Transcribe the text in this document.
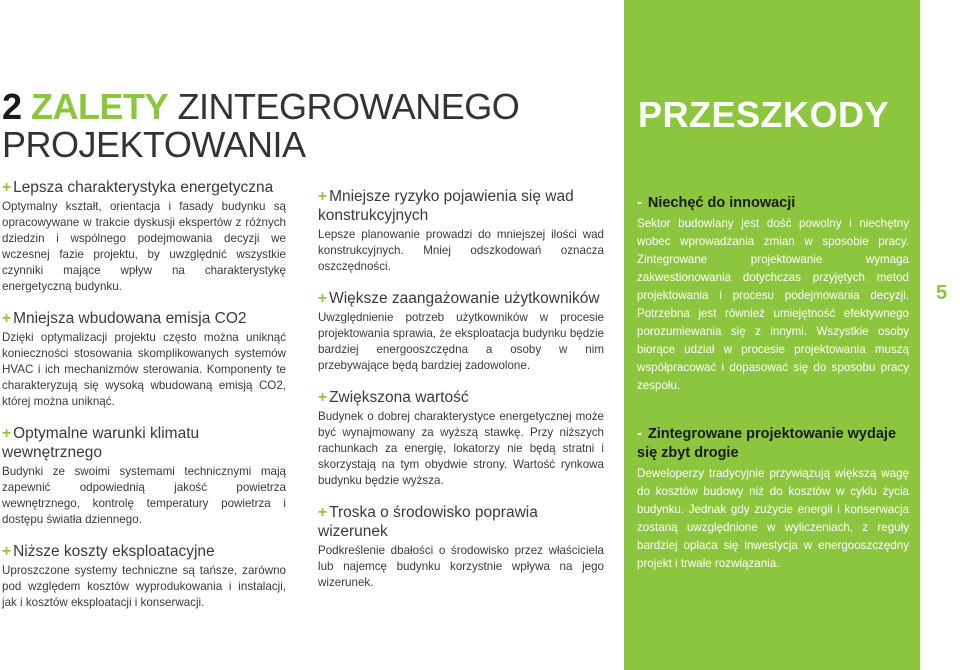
2 ZALETY ZINTEGROWANEGO
PROJEKTOWANIA
+ Lepsza charakterystyka energetyczna
Optymalny kształt, orientacja i fasady budynku są opracowywane w trakcie dyskusji ekspertów z różnych dziedzin i wspólnego podejmowania decyzji we wczesnej fazie projektu, by uwzględnić wszystkie czynniki mające wpływ na charakterystykę energetyczną budynku.
+ Mniejsza wbudowana emisja CO2
Dzięki optymalizacji projektu często można uniknąć konieczności stosowania skomplikowanych systemów HVAC i ich mechanizmów sterowania. Komponenty te charakteryzują się wysoką wbudowaną emisją CO2, której można uniknąć.
+ Optymalne warunki klimatu wewnętrznego
Budynki ze swoimi systemami technicznymi mają zapewnić odpowiednią jakość powietrza wewnętrznego, kontrolę temperatury powietrza i dostępu światła dziennego.
+ Niższe koszty eksploatacyjne
Uproszczone systemy techniczne są tańsze, zarówno pod względem kosztów wyprodukowania i instalacji, jak i kosztów eksploatacji i konserwacji.
+ Mniejsze ryzyko pojawienia się wad konstrukcyjnych
Lepsze planowanie prowadzi do mniejszej ilości wad konstrukcyjnych. Mniej odszkodowań oznacza oszczędności.
+ Większe zaangażowanie użytkowników
Uwzględnienie potrzeb użytkowników w procesie projektowania sprawia, że eksploatacja budynku będzie bardziej energooszczędna a osoby w nim przebywające będą bardziej zadowolone.
+ Zwiększona wartość
Budynek o dobrej charakterystyce energetycznej może być wynajmowany za wyższą stawkę. Przy niższych rachunkach za energię, lokatorzy nie będą stratni i skorzystają na tym obydwie strony. Wartość rynkowa budynku będzie wyższa.
+ Troska o środowisko poprawia wizerunek
Podkreślenie dbałości o środowisko przez właściciela lub najemcę budynku korzystnie wpływa na jego wizerunek.
PRZESZKODY
- Niechęć do innowacji
Sektor budowlany jest dość powolny i niechętny wobec wprowadzania zmian w sposobie pracy. Zintegrowane projektowanie wymaga zakwestionowania dotychczas przyjętych metod projektowania i procesu podejmowania decyzji. Potrzebna jest również umiejętność efektywnego porozumiewania się z innymi. Wszystkie osoby biorące udział w procesie projektowania muszą współpracować i dopasować się do sposobu pracy zespołu.
- Zintegrowane projektowanie wydaje się zbyt drogie
Deweloperzy tradycyjnie przywiązują większą wagę do kosztów budowy niż do kosztów w cyklu życia budynku. Jednak gdy zużycie energii i konserwacja zostaną uwzględnione w wyliczeniach, z reguły bardziej opłaca się inwestycja w energooszczędny projekt i trwałe rozwiązania.
5
